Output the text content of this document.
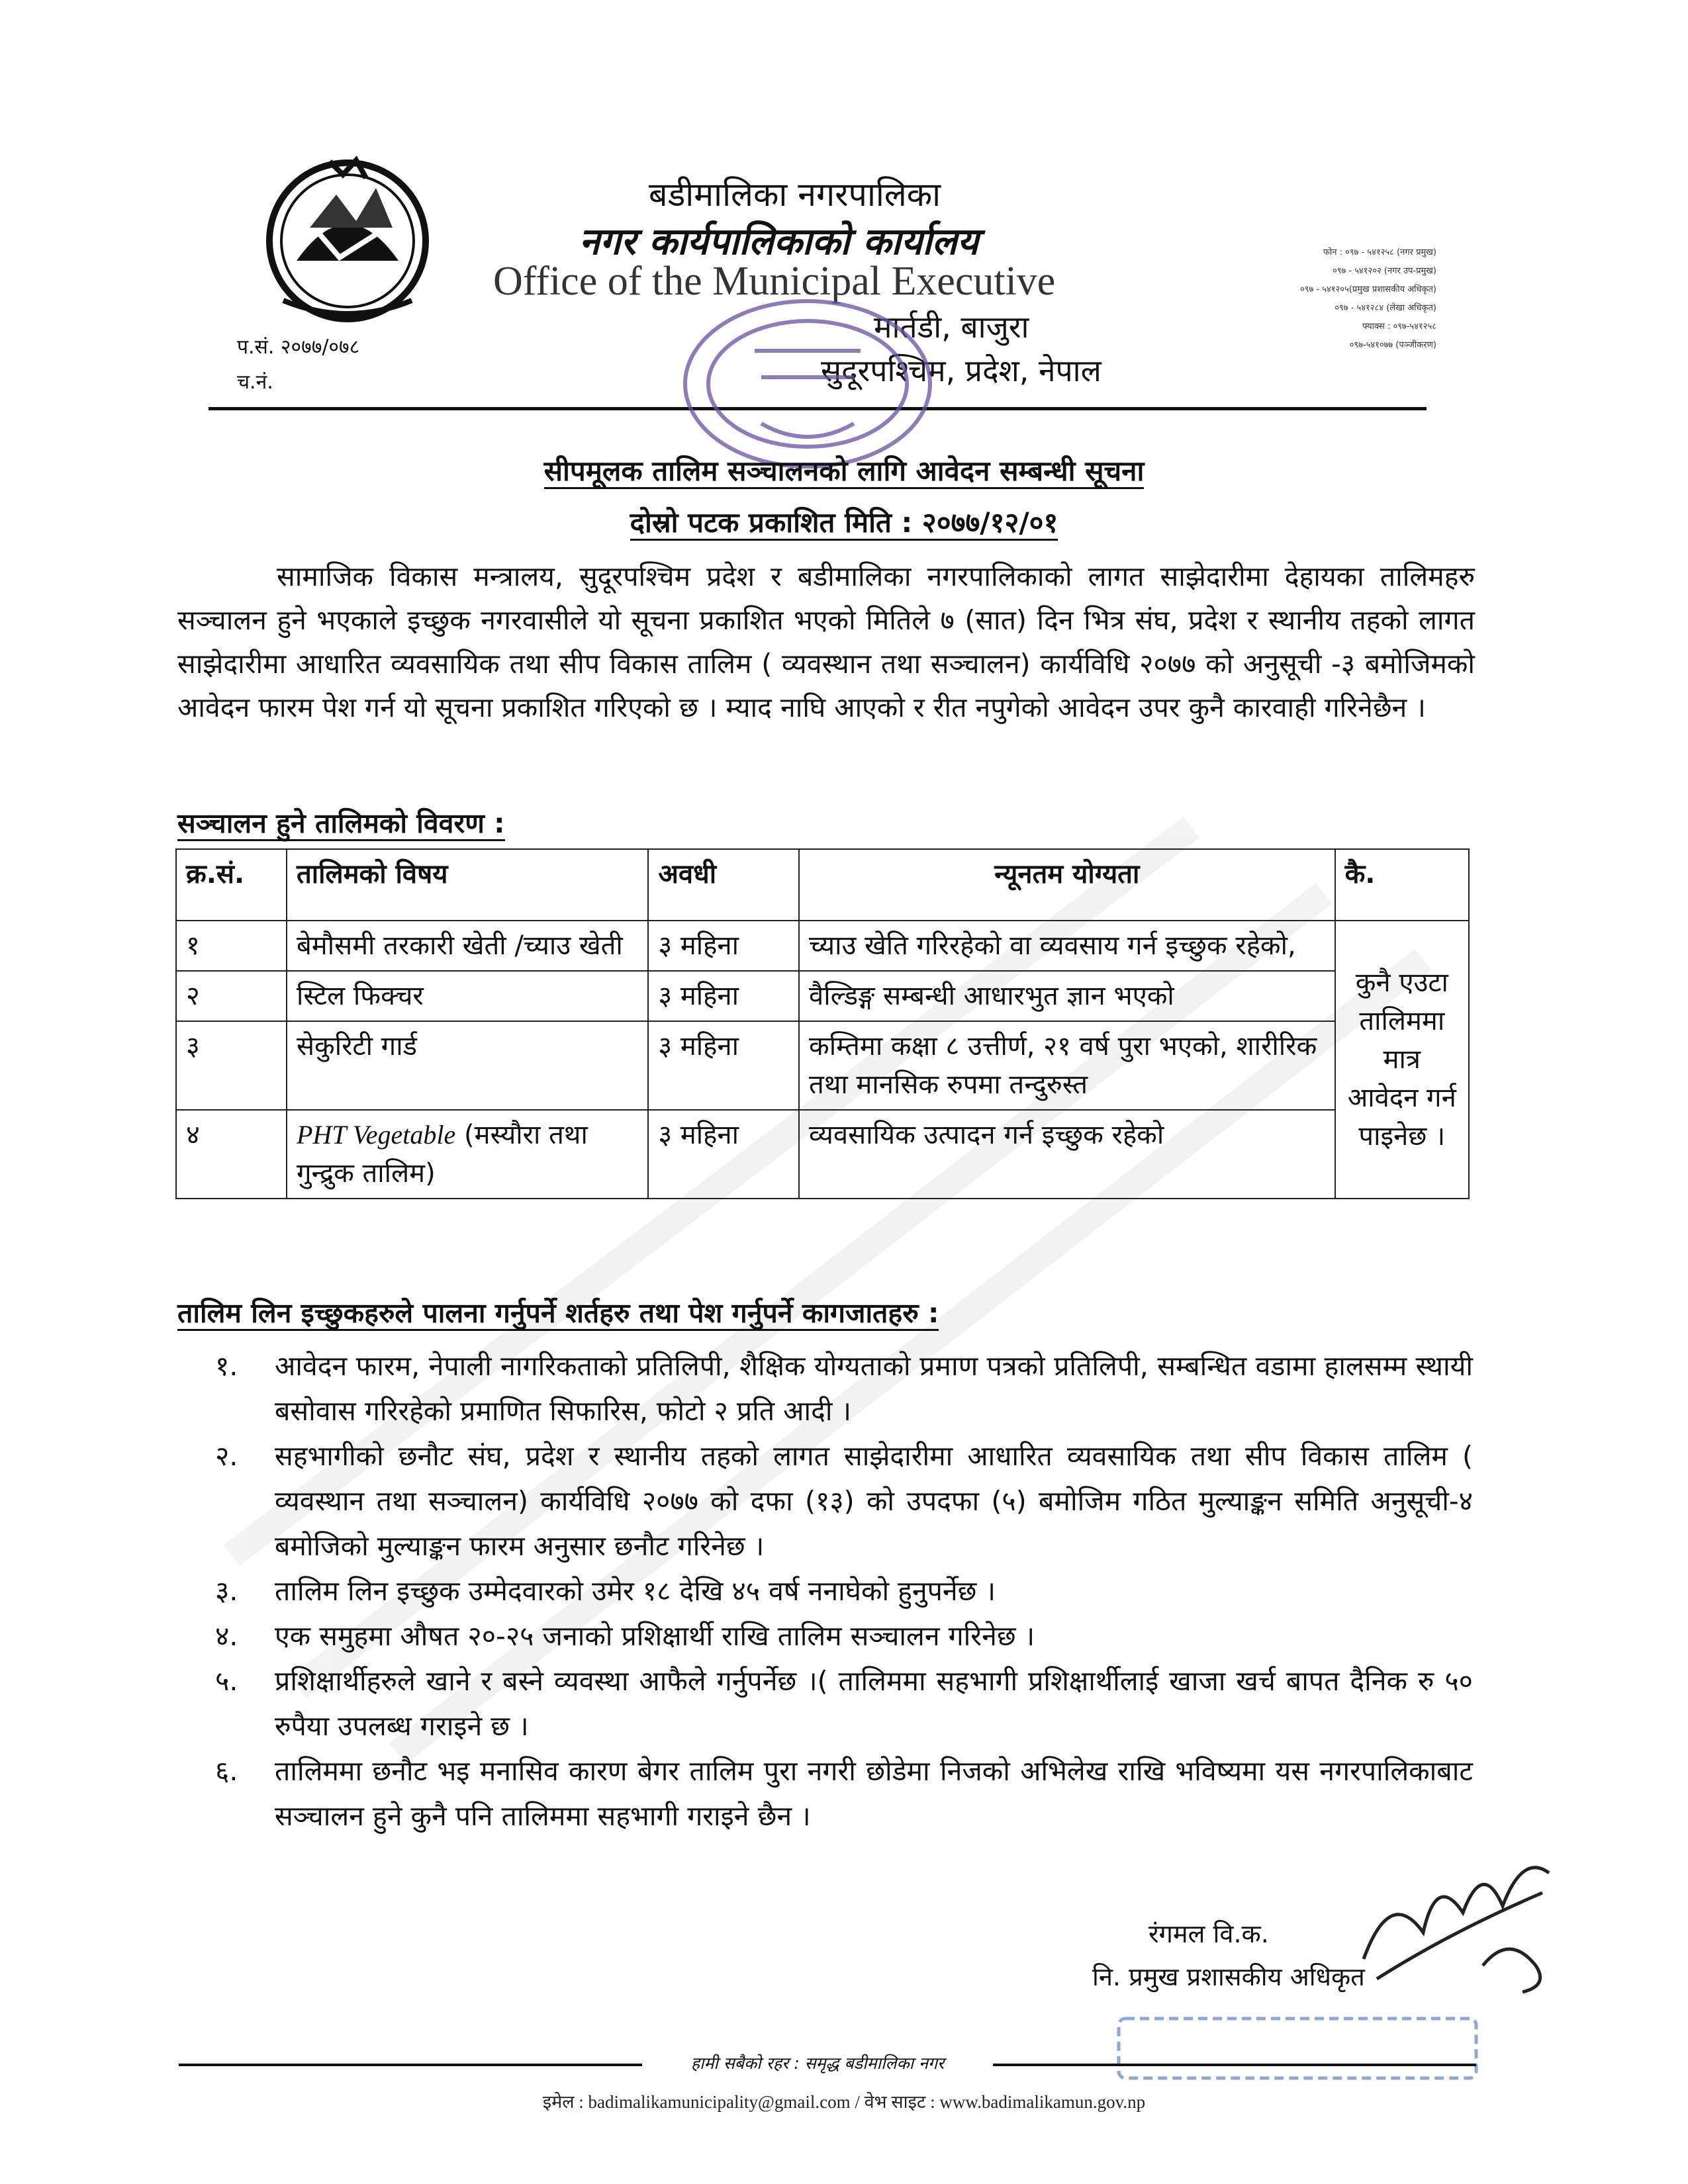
बडीमालिका नगरपालिका
नगर कार्यपालिकाको कार्यालय
Office of the Municipal Executive
मार्तडी, बाजुरा
सुदूरपश्चिम, प्रदेश, नेपाल
फोन : ०९७ - ५४१२५८ (नगर प्रमुख)
०९७ - ५४१२०२ (नगर उप-प्रमुख)
०९७ - ५४१२०५(प्रमुख प्रशासकीय अधिकृत)
०९७ - ५४१२८४ (लेखा अधिकृत)
फ्याक्स : ०९७-५४१२५८
०९७-५४१०७७ (पञ्जीकरण)
प.सं. २०७७/०७८
च.नं.
सीपमूलक तालिम सञ्चालनको लागि आवेदन सम्बन्धी सूचना
दोस्रो पटक प्रकाशित मिति : २०७७/१२/०१
सामाजिक विकास मन्त्रालय, सुदूरपश्चिम प्रदेश र बडीमालिका नगरपालिकाको लागत साझेदारीमा देहायका तालिमहरु सञ्चालन हुने भएकाले इच्छुक नगरवासीले यो सूचना प्रकाशित भएको मितिले ७ (सात) दिन भित्र संघ, प्रदेश र स्थानीय तहको लागत साझेदारीमा आधारित व्यवसायिक तथा सीप विकास तालिम ( व्यवस्थान तथा सञ्चालन) कार्यविधि २०७७ को अनुसूची -३ बमोजिमको आवेदन फारम पेश गर्न यो सूचना प्रकाशित गरिएको छ । म्याद नाघि आएको र रीत नपुगेको आवेदन उपर कुनै कारवाही गरिनेछैन ।
सञ्चालन हुने तालिमको विवरण :
क्र.सं.	तालिमको विषय	अवधी	न्यूनतम योग्यता	कै.
१	बेमौसमी तरकारी खेती /च्याउ खेती	३ महिना	च्याउ खेति गरिरहेको वा व्यवसाय गर्न इच्छुक रहेको,	कुनै एउटा तालिममा मात्र आवेदन गर्न पाइनेछ ।
२	स्टिल फिक्चर	३ महिना	वैल्डिङ्ग सम्बन्धी आधारभुत ज्ञान भएको	
३	सेकुरिटी गार्ड	३ महिना	कम्तिमा कक्षा ८ उत्तीर्ण, २१ वर्ष पुरा भएको, शारीरिक तथा मानसिक रुपमा तन्दुरुस्त	
४	PHT Vegetable (मस्यौरा तथा गुन्द्रुक तालिम)	३ महिना	व्यवसायिक उत्पादन गर्न इच्छुक रहेको	
तालिम लिन इच्छुकहरुले पालना गर्नुपर्ने शर्तहरु तथा पेश गर्नुपर्ने कागजातहरु :
१. आवेदन फारम, नेपाली नागरिकताको प्रतिलिपी, शैक्षिक योग्यताको प्रमाण पत्रको प्रतिलिपी, सम्बन्धित वडामा हालसम्म स्थायी बसोवास गरिरहेको प्रमाणित सिफारिस, फोटो २ प्रति आदी ।
२. सहभागीको छनौट संघ, प्रदेश र स्थानीय तहको लागत साझेदारीमा आधारित व्यवसायिक तथा सीप विकास तालिम ( व्यवस्थान तथा सञ्चालन) कार्यविधि २०७७ को दफा (१३) को उपदफा (५) बमोजिम गठित मुल्याङ्कन समिति अनुसूची-४ बमोजिको मुल्याङ्कन फारम अनुसार छनौट गरिनेछ ।
३. तालिम लिन इच्छुक उम्मेदवारको उमेर १८ देखि ४५ वर्ष ननाघेको हुनुपर्नेछ ।
४. एक समुहमा औषत २०-२५ जनाको प्रशिक्षार्थी राखि तालिम सञ्चालन गरिनेछ ।
५. प्रशिक्षार्थीहरुले खाने र बस्ने व्यवस्था आफैले गर्नुपर्नेछ ।( तालिममा सहभागी प्रशिक्षार्थीलाई खाजा खर्च बापत दैनिक रु ५० रुपैया उपलब्ध गराइने छ ।
६. तालिममा छनौट भइ मनासिव कारण बेगर तालिम पुरा नगरी छोडेमा निजको अभिलेख राखि भविष्यमा यस नगरपालिकाबाट सञ्चालन हुने कुनै पनि तालिममा सहभागी गराइने छैन ।
रंगमल वि.क.
नि. प्रमुख प्रशासकीय अधिकृत
हामी सबैको रहर : समृद्ध बडीमालिका नगर
इमेल : badimalikamunicipality@gmail.com / वेभ साइट : www.badimalikamun.gov.np
